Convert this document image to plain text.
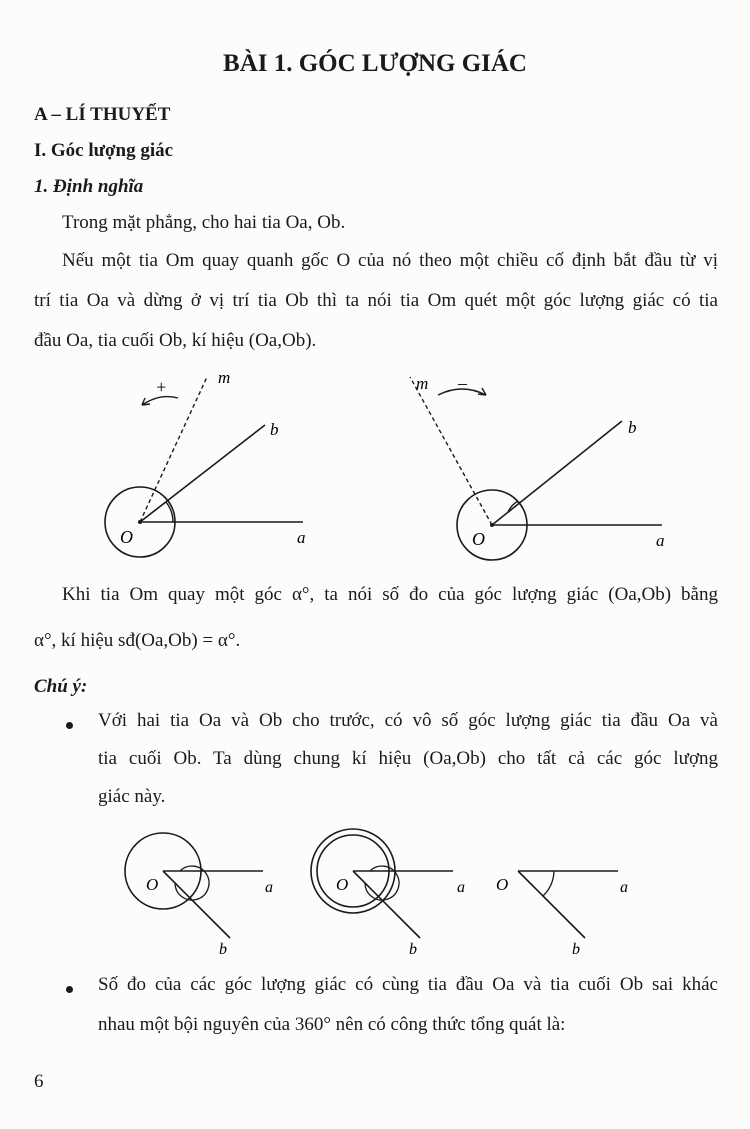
BÀI 1. GÓC LƯỢNG GIÁC
A – LÍ THUYẾT
I. Góc lượng giác
1. Định nghĩa
Trong mặt phẳng, cho hai tia Oa, Ob.
Nếu một tia Om quay quanh gốc O của nó theo một chiều cố định bắt đầu từ vị
trí tia Oa và dừng ở vị trí tia Ob thì ta nói tia Om quét một góc lượng giác có tia
đầu Oa, tia cuối Ob, kí hiệu (Oa,Ob).
+	m
b
O	a
m –
b
O	a
Khi tia Om quay một góc α°, ta nói số đo của góc lượng giác (Oa,Ob) bằng
α°, kí hiệu sđ(Oa,Ob) = α°.
Chú ý:
Với hai tia Oa và Ob cho trước, có vô số góc lượng giác tia đầu Oa và
tia cuối Ob. Ta dùng chung kí hiệu (Oa,Ob) cho tất cả các góc lượng
giác này.
O	a
b
O	a
b
O	a
b
Số đo của các góc lượng giác có cùng tia đầu Oa và tia cuối Ob sai khác
nhau một bội nguyên của 360° nên có công thức tổng quát là:
6
